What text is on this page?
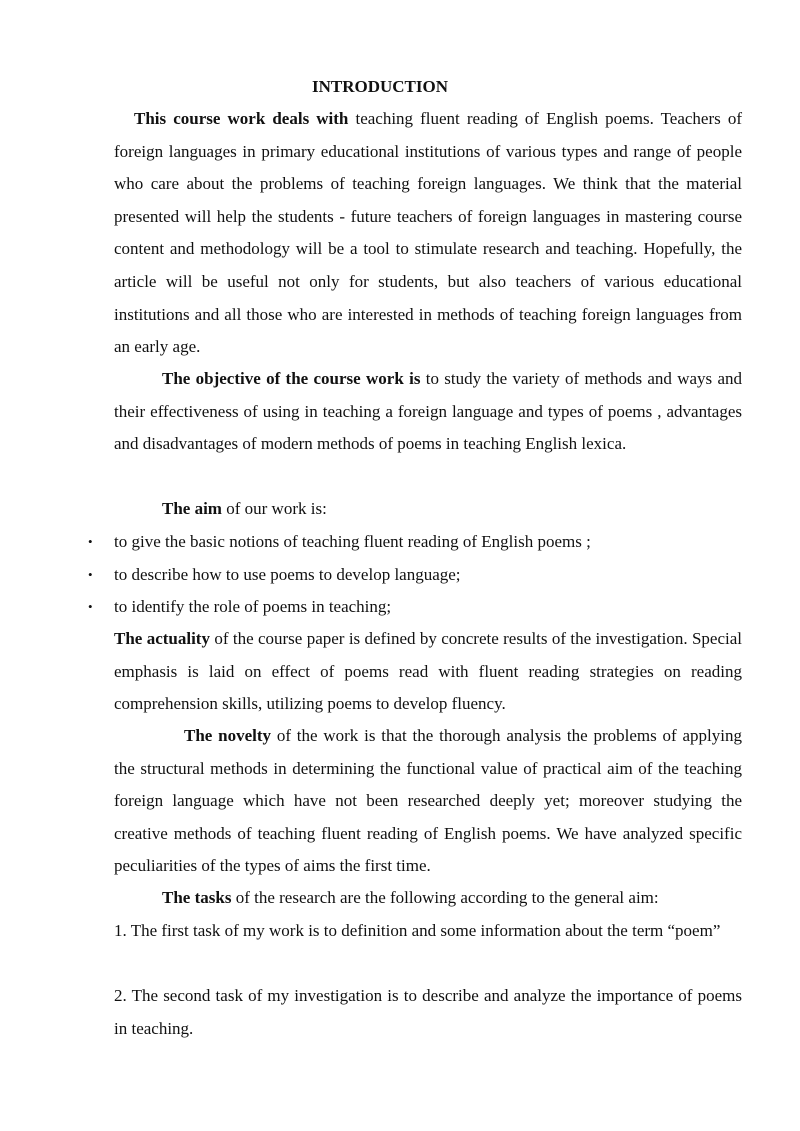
INTRODUCTION

This course work deals with teaching fluent reading of English poems. Teachers of foreign languages in primary educational institutions of various types and range of people who care about the problems of teaching foreign languages. We think that the material presented will help the students - future teachers of foreign languages in mastering course content and methodology will be a tool to stimulate research and teaching. Hopefully, the article will be useful not only for students, but also teachers of various educational institutions and all those who are interested in methods of teaching foreign languages from an early age.

The objective of the course work is to study the variety of methods and ways and their effectiveness of using in teaching a foreign language and types of poems , advantages and disadvantages of modern methods of poems in teaching English lexica.

The aim of our work is:

• to give the basic notions of teaching fluent reading of English poems ;
• to describe how to use poems to develop language;
• to identify the role of poems in teaching;

The actuality of the course paper is defined by concrete results of the investigation. Special emphasis is laid on effect of poems read with fluent reading strategies on reading comprehension skills, utilizing poems to develop fluency.

The novelty of the work is that the thorough analysis the problems of applying the structural methods in determining the functional value of practical aim of the teaching foreign language which have not been researched deeply yet; moreover studying the creative methods of teaching fluent reading of English poems. We have analyzed specific peculiarities of the types of aims the first time.

The tasks of the research are the following according to the general aim:

1. The first task of my work is to definition and some information about the term “poem”

2. The second task of my investigation is to describe and analyze the importance of poems in teaching.
